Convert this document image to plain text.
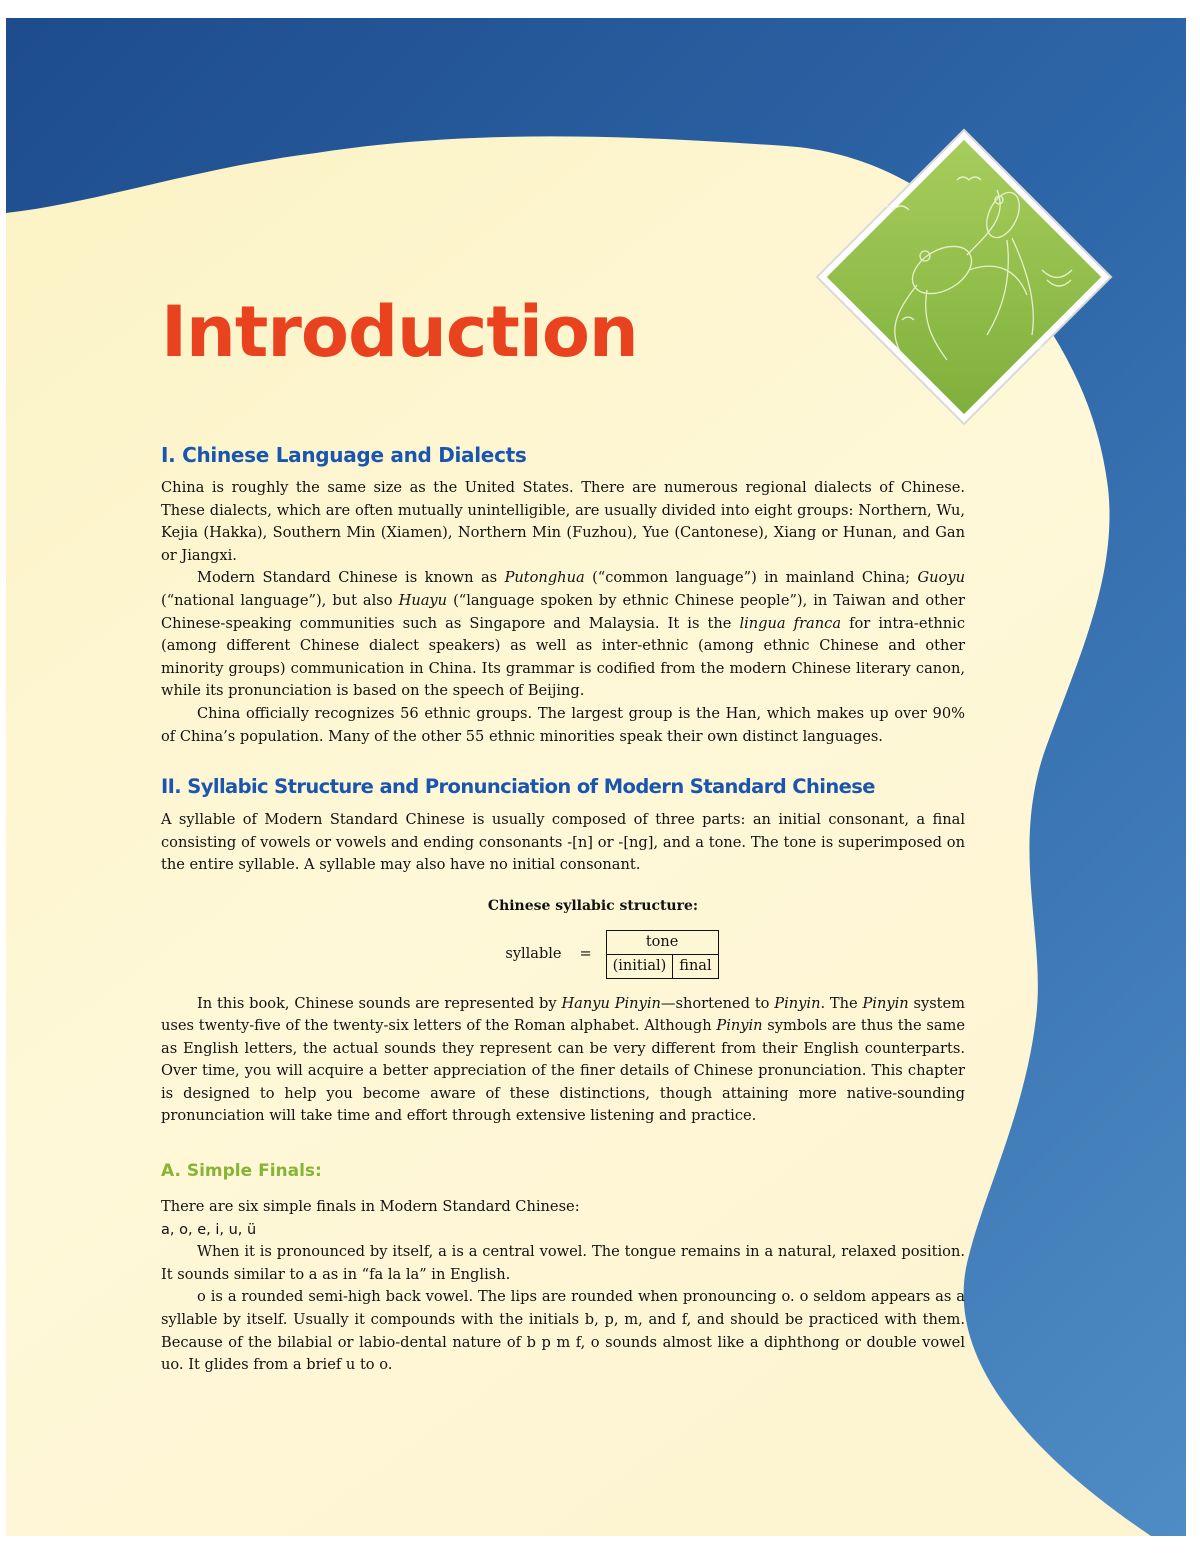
Introduction
I. Chinese Language and Dialects

China is roughly the same size as the United States. There are numerous regional dialects of Chinese. These dialects, which are often mutually unintelligible, are usually divided into eight groups: Northern, Wu, Kejia (Hakka), Southern Min (Xiamen), Northern Min (Fuzhou), Yue (Cantonese), Xiang or Hunan, and Gan or Jiangxi.

Modern Standard Chinese is known as Putonghua (“common language”) in mainland China; Guoyu (“national language”), but also Huayu (“language spoken by ethnic Chinese people”), in Taiwan and other Chinese-speaking communities such as Singapore and Malaysia. It is the lingua franca for intra-ethnic (among different Chinese dialect speakers) as well as inter-ethnic (among ethnic Chinese and other minority groups) communication in China. Its grammar is codified from the modern Chinese literary canon, while its pronunciation is based on the speech of Beijing.

China officially recognizes 56 ethnic groups. The largest group is the Han, which makes up over 90% of China’s population. Many of the other 55 ethnic minorities speak their own distinct languages.

II. Syllabic Structure and Pronunciation of Modern Standard Chinese

A syllable of Modern Standard Chinese is usually composed of three parts: an initial consonant, a final consisting of vowels or vowels and ending consonants -[n] or -[ng], and a tone. The tone is superimposed on the entire syllable. A syllable may also have no initial consonant.

Chinese syllabic structure:
syllable =
tone
(initial)	final

In this book, Chinese sounds are represented by Hanyu Pinyin—shortened to Pinyin. The Pinyin system uses twenty-five of the twenty-six letters of the Roman alphabet. Although Pinyin symbols are thus the same as English letters, the actual sounds they represent can be very different from their English counterparts. Over time, you will acquire a better appreciation of the finer details of Chinese pronunciation. This chapter is designed to help you become aware of these distinctions, though attaining more native-sounding pronunciation will take time and effort through extensive listening and practice.

A. Simple Finals:

There are six simple finals in Modern Standard Chinese:

a, o, e, i, u, ü

When it is pronounced by itself, a is a central vowel. The tongue remains in a natural, relaxed position. It sounds similar to a as in “fa la la” in English.

o is a rounded semi-high back vowel. The lips are rounded when pronouncing o. o seldom appears as a syllable by itself. Usually it compounds with the initials b, p, m, and f, and should be practiced with them. Because of the bilabial or labio-dental nature of b p m f, o sounds almost like a diphthong or double vowel uo. It glides from a brief u to o.
